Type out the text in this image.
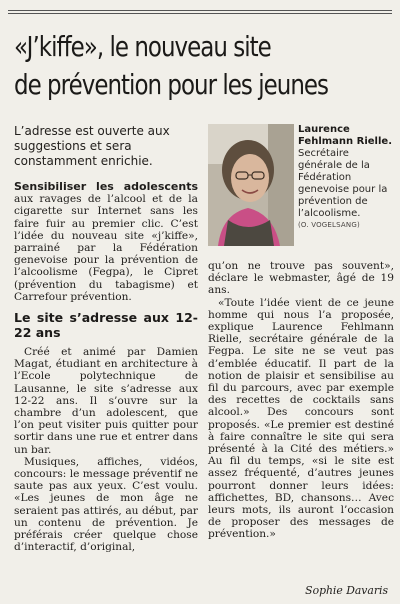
«J’kiffe», le nouveau site
de prévention pour les jeunes
L’adresse est ouverte aux suggestions et sera constamment enrichie.
Laurence Fehlmann Rielle. Secrétaire générale de la Fédération genevoise pour la prévention de l’alcoolisme.
(O. VOGELSANG)

Sensibiliser les adolescents aux ravages de l’alcool et de la cigarette sur Internet sans les faire fuir au premier clic. C’est l’idée du nouveau site «j’kiffe», parrainé par la Fédération genevoise pour la prévention de l’alcoolisme (Fegpa), le Cipret (prévention du tabagisme) et Carrefour prévention.

Le site s’adresse aux 12-22 ans

Créé et animé par Damien Magat, étudiant en architecture à l’Ecole polytechnique de Lausanne, le site s’adresse aux 12-22 ans. Il s’ouvre sur la chambre d’un adolescent, que l’on peut visiter puis quitter pour sortir dans une rue et entrer dans un bar.

Musiques, affiches, vidéos, concours: le message préventif ne saute pas aux yeux. C’est voulu. «Les jeunes de mon âge ne seraient pas attirés, au début, par un contenu de prévention. Je préférais créer quelque chose d’interactif, d’original,

qu’on ne trouve pas souvent», déclare le webmaster, âgé de 19 ans.

«Toute l’idée vient de ce jeune homme qui nous l’a proposée, explique Laurence Fehlmann Rielle, secrétaire générale de la Fegpa. Le site ne se veut pas d’emblée éducatif. Il part de la notion de plaisir et sensibilise au fil du parcours, avec par exemple des recettes de cocktails sans alcool.» Des concours sont proposés. «Le premier est destiné à faire connaître le site qui sera présenté à la Cité des métiers.» Au fil du temps, «si le site est assez fréquenté, d’autres jeunes pourront donner leurs idées: affichettes, BD, chansons… Avec leurs mots, ils auront l’occasion de proposer des messages de prévention.»

Sophie Davaris
